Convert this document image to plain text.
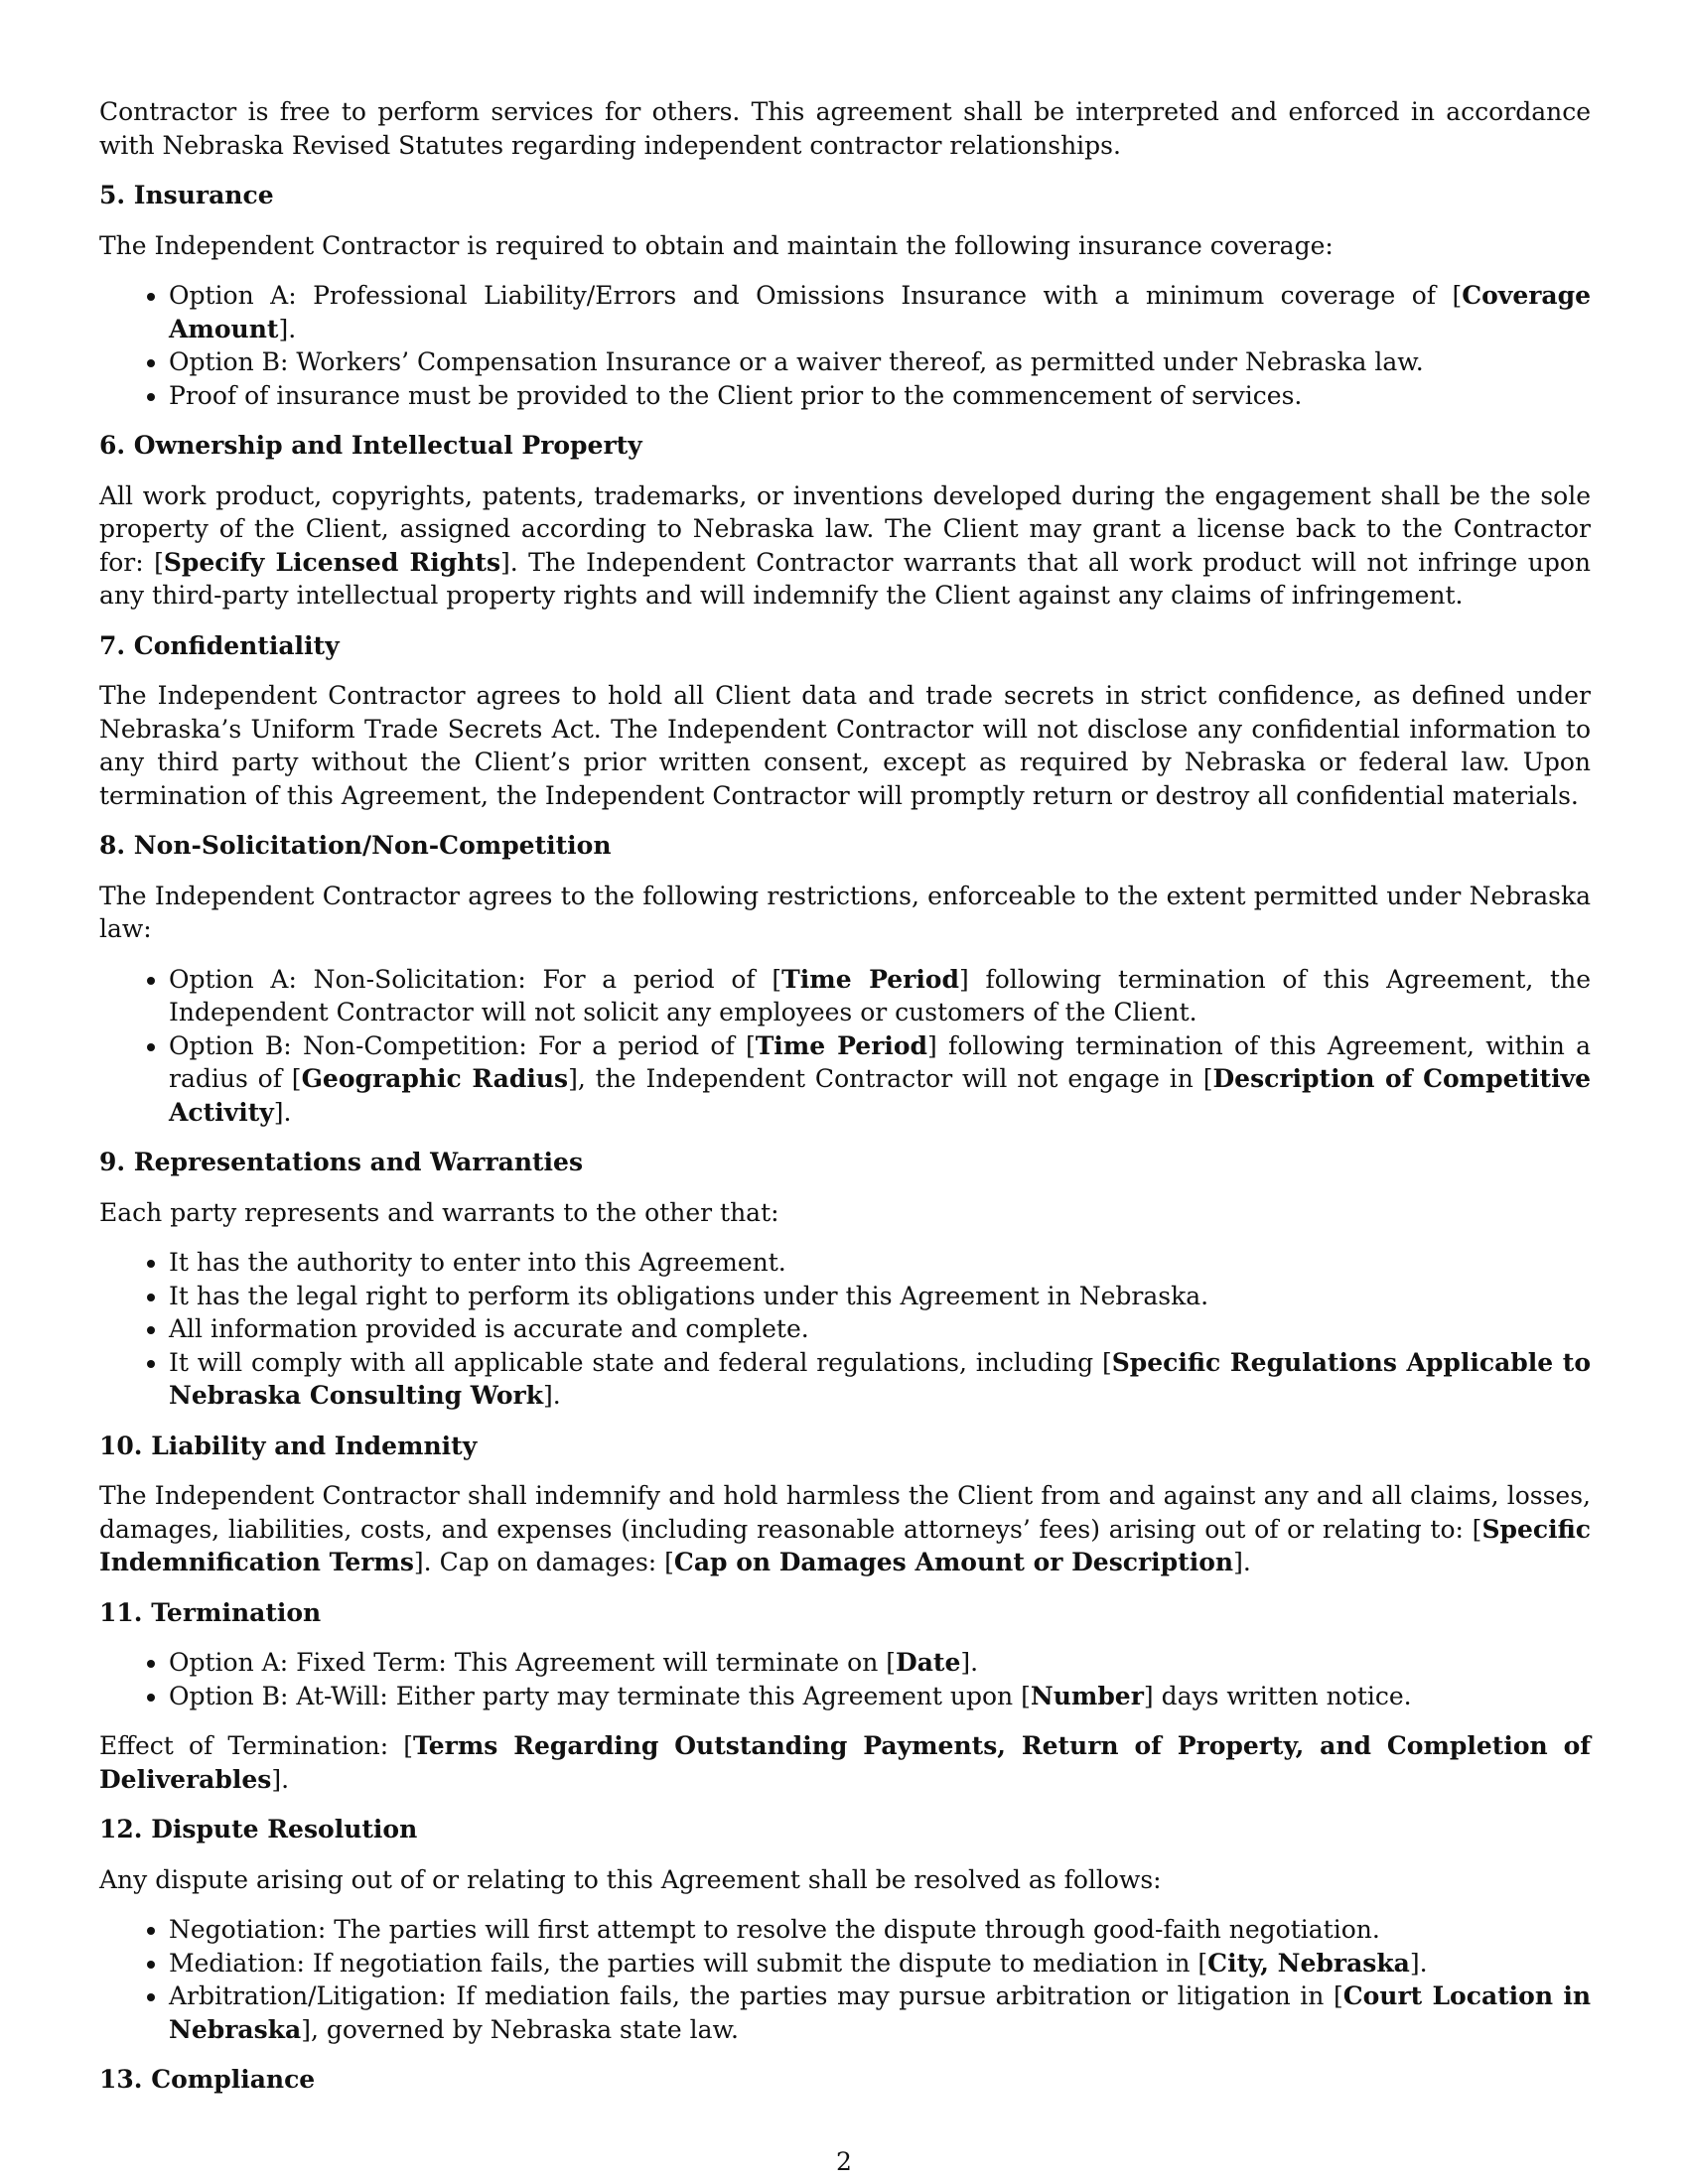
Contractor is free to perform services for others. This agreement shall be interpreted and enforced in accordance with Nebraska Revised Statutes regarding independent contractor relationships.

5. Insurance

The Independent Contractor is required to obtain and maintain the following insurance coverage:

• Option A: Professional Liability/Errors and Omissions Insurance with a minimum coverage of [Coverage Amount].
• Option B: Workers’ Compensation Insurance or a waiver thereof, as permitted under Nebraska law.
• Proof of insurance must be provided to the Client prior to the commencement of services.
6. Ownership and Intellectual Property

All work product, copyrights, patents, trademarks, or inventions developed during the engagement shall be the sole property of the Client, assigned according to Nebraska law. The Client may grant a license back to the Contractor for: [Specify Licensed Rights]. The Independent Contractor warrants that all work product will not infringe upon any third-party intellectual property rights and will indemnify the Client against any claims of infringement.

7. Confidentiality

The Independent Contractor agrees to hold all Client data and trade secrets in strict confidence, as defined under Nebraska’s Uniform Trade Secrets Act. The Independent Contractor will not disclose any confidential information to any third party without the Client’s prior written consent, except as required by Nebraska or federal law. Upon termination of this Agreement, the Independent Contractor will promptly return or destroy all confidential materials.

8. Non-Solicitation/Non-Competition

The Independent Contractor agrees to the following restrictions, enforceable to the extent permitted under Nebraska law:

• Option A: Non-Solicitation: For a period of [Time Period] following termination of this Agreement, the Independent Contractor will not solicit any employees or customers of the Client.
• Option B: Non-Competition: For a period of [Time Period] following termination of this Agreement, within a radius of [Geographic Radius], the Independent Contractor will not engage in [Description of Competitive Activity].
9. Representations and Warranties

Each party represents and warrants to the other that:

• It has the authority to enter into this Agreement.
• It has the legal right to perform its obligations under this Agreement in Nebraska.
• All information provided is accurate and complete.
• It will comply with all applicable state and federal regulations, including [Specific Regulations Applicable to Nebraska Consulting Work].
10. Liability and Indemnity

The Independent Contractor shall indemnify and hold harmless the Client from and against any and all claims, losses, damages, liabilities, costs, and expenses (including reasonable attorneys’ fees) arising out of or relating to: [Specific Indemnification Terms]. Cap on damages: [Cap on Damages Amount or Description].

11. Termination
• Option A: Fixed Term: This Agreement will terminate on [Date].
• Option B: At-Will: Either party may terminate this Agreement upon [Number] days written notice.

Effect of Termination: [Terms Regarding Outstanding Payments, Return of Property, and Completion of Deliverables].

12. Dispute Resolution

Any dispute arising out of or relating to this Agreement shall be resolved as follows:

• Negotiation: The parties will first attempt to resolve the dispute through good-faith negotiation.
• Mediation: If negotiation fails, the parties will submit the dispute to mediation in [City, Nebraska].
• Arbitration/Litigation: If mediation fails, the parties may pursue arbitration or litigation in [Court Location in Nebraska], governed by Nebraska state law.
13. Compliance
2
